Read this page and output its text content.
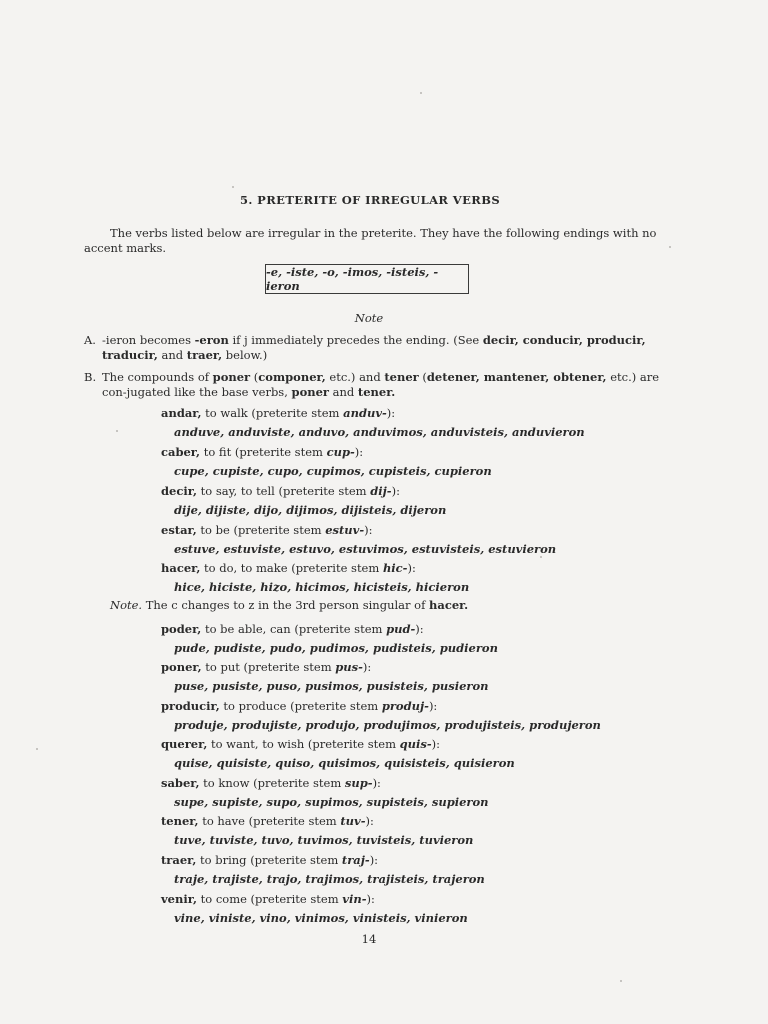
5. PRETERITE OF IRREGULAR VERBS
The verbs listed below are irregular in the preterite. They have the following endings with no accent marks.
-e, -iste, -o, -imos, -isteis, -ieron
Note
A. -ieron becomes -eron if j immediately precedes the ending. (See decir, conducir, producir, traducir, and traer, below.)
B. The compounds of poner (componer, etc.) and tener (detener, mantener, obtener, etc.) are con-jugated like the base verbs, poner and tener.
andar, to walk (preterite stem anduv-):
anduve, anduviste, anduvo, anduvimos, anduvisteis, anduvieron
caber, to fit (preterite stem cup-):
cupe, cupiste, cupo, cupimos, cupisteis, cupieron
decir, to say, to tell (preterite stem dij-):
dije, dijiste, dijo, dijimos, dijisteis, dijeron
estar, to be (preterite stem estuv-):
estuve, estuviste, estuvo, estuvimos, estuvisteis, estuvieron
hacer, to do, to make (preterite stem hic-):
hice, hiciste, hizo, hicimos, hicisteis, hicieron
Note. The c changes to z in the 3rd person singular of hacer.
poder, to be able, can (preterite stem pud-):
pude, pudiste, pudo, pudimos, pudisteis, pudieron
poner, to put (preterite stem pus-):
puse, pusiste, puso, pusimos, pusisteis, pusieron
producir, to produce (preterite stem produj-):
produje, produjiste, produjo, produjimos, produjisteis, produjeron
querer, to want, to wish (preterite stem quis-):
quise, quisiste, quiso, quisimos, quisisteis, quisieron
saber, to know (preterite stem sup-):
supe, supiste, supo, supimos, supisteis, supieron
tener, to have (preterite stem tuv-):
tuve, tuviste, tuvo, tuvimos, tuvisteis, tuvieron
traer, to bring (preterite stem traj-):
traje, trajiste, trajo, trajimos, trajisteis, trajeron
venir, to come (preterite stem vin-):
vine, viniste, vino, vinimos, vinisteis, vinieron
14
